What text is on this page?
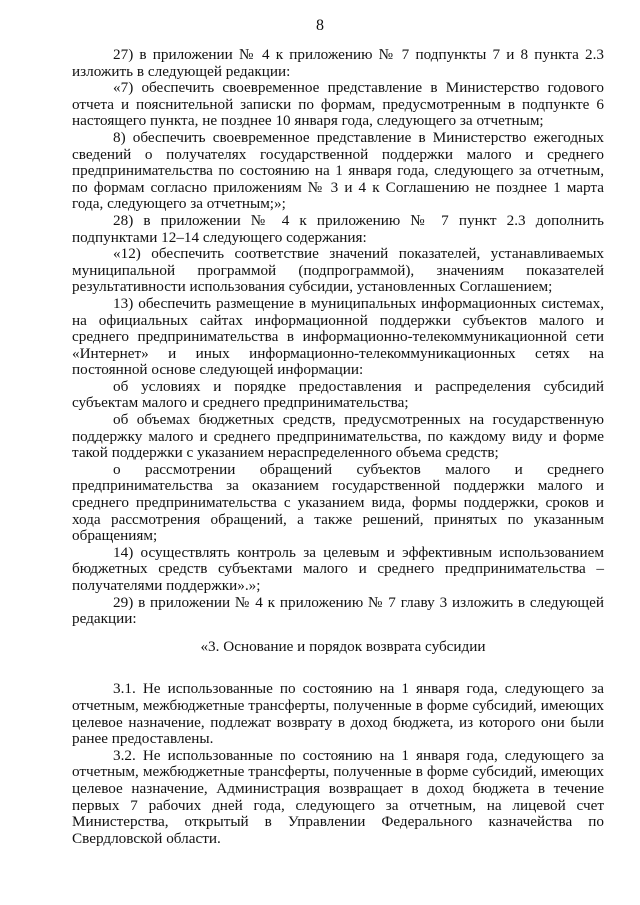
8

27) в приложении № 4 к приложению № 7 подпункты 7 и 8 пункта 2.3 изложить в следующей редакции:

«7) обеспечить своевременное представление в Министерство годового отчета и пояснительной записки по формам, предусмотренным в подпункте 6 настоящего пункта, не позднее 10 января года, следующего за отчетным;

8) обеспечить своевременное представление в Министерство ежегодных сведений о получателях государственной поддержки малого и среднего предпринимательства по состоянию на 1 января года, следующего за отчетным, по формам согласно приложениям № 3 и 4 к Соглашению не позднее 1 марта года, следующего за отчетным;»;

28) в приложении № 4 к приложению № 7 пункт 2.3 дополнить подпунктами 12–14 следующего содержания:

«12) обеспечить соответствие значений показателей, устанавливаемых муниципальной программой (подпрограммой), значениям показателей результативности использования субсидии, установленных Соглашением;

13) обеспечить размещение в муниципальных информационных системах, на официальных сайтах информационной поддержки субъектов малого и среднего предпринимательства в информационно-телекоммуникационной сети «Интернет» и иных информационно-телекоммуникационных сетях на постоянной основе следующей информации:

об условиях и порядке предоставления и распределения субсидий субъектам малого и среднего предпринимательства;

об объемах бюджетных средств, предусмотренных на государственную поддержку малого и среднего предпринимательства, по каждому виду и форме такой поддержки с указанием нераспределенного объема средств;

о рассмотрении обращений субъектов малого и среднего предпринимательства за оказанием государственной поддержки малого и среднего предпринимательства с указанием вида, формы поддержки, сроков и хода рассмотрения обращений, а также решений, принятых по указанным обращениям;

14) осуществлять контроль за целевым и эффективным использованием бюджетных средств субъектами малого и среднего предпринимательства – получателями поддержки».»;

29) в приложении № 4 к приложению № 7 главу 3 изложить в следующей редакции:

«3. Основание и порядок возврата субсидии

3.1. Не использованные по состоянию на 1 января года, следующего за отчетным, межбюджетные трансферты, полученные в форме субсидий, имеющих целевое назначение, подлежат возврату в доход бюджета, из которого они были ранее предоставлены.

3.2. Не использованные по состоянию на 1 января года, следующего за отчетным, межбюджетные трансферты, полученные в форме субсидий, имеющих целевое назначение, Администрация возвращает в доход бюджета в течение первых 7 рабочих дней года, следующего за отчетным, на лицевой счет Министерства, открытый в Управлении Федерального казначейства по Свердловской области.
